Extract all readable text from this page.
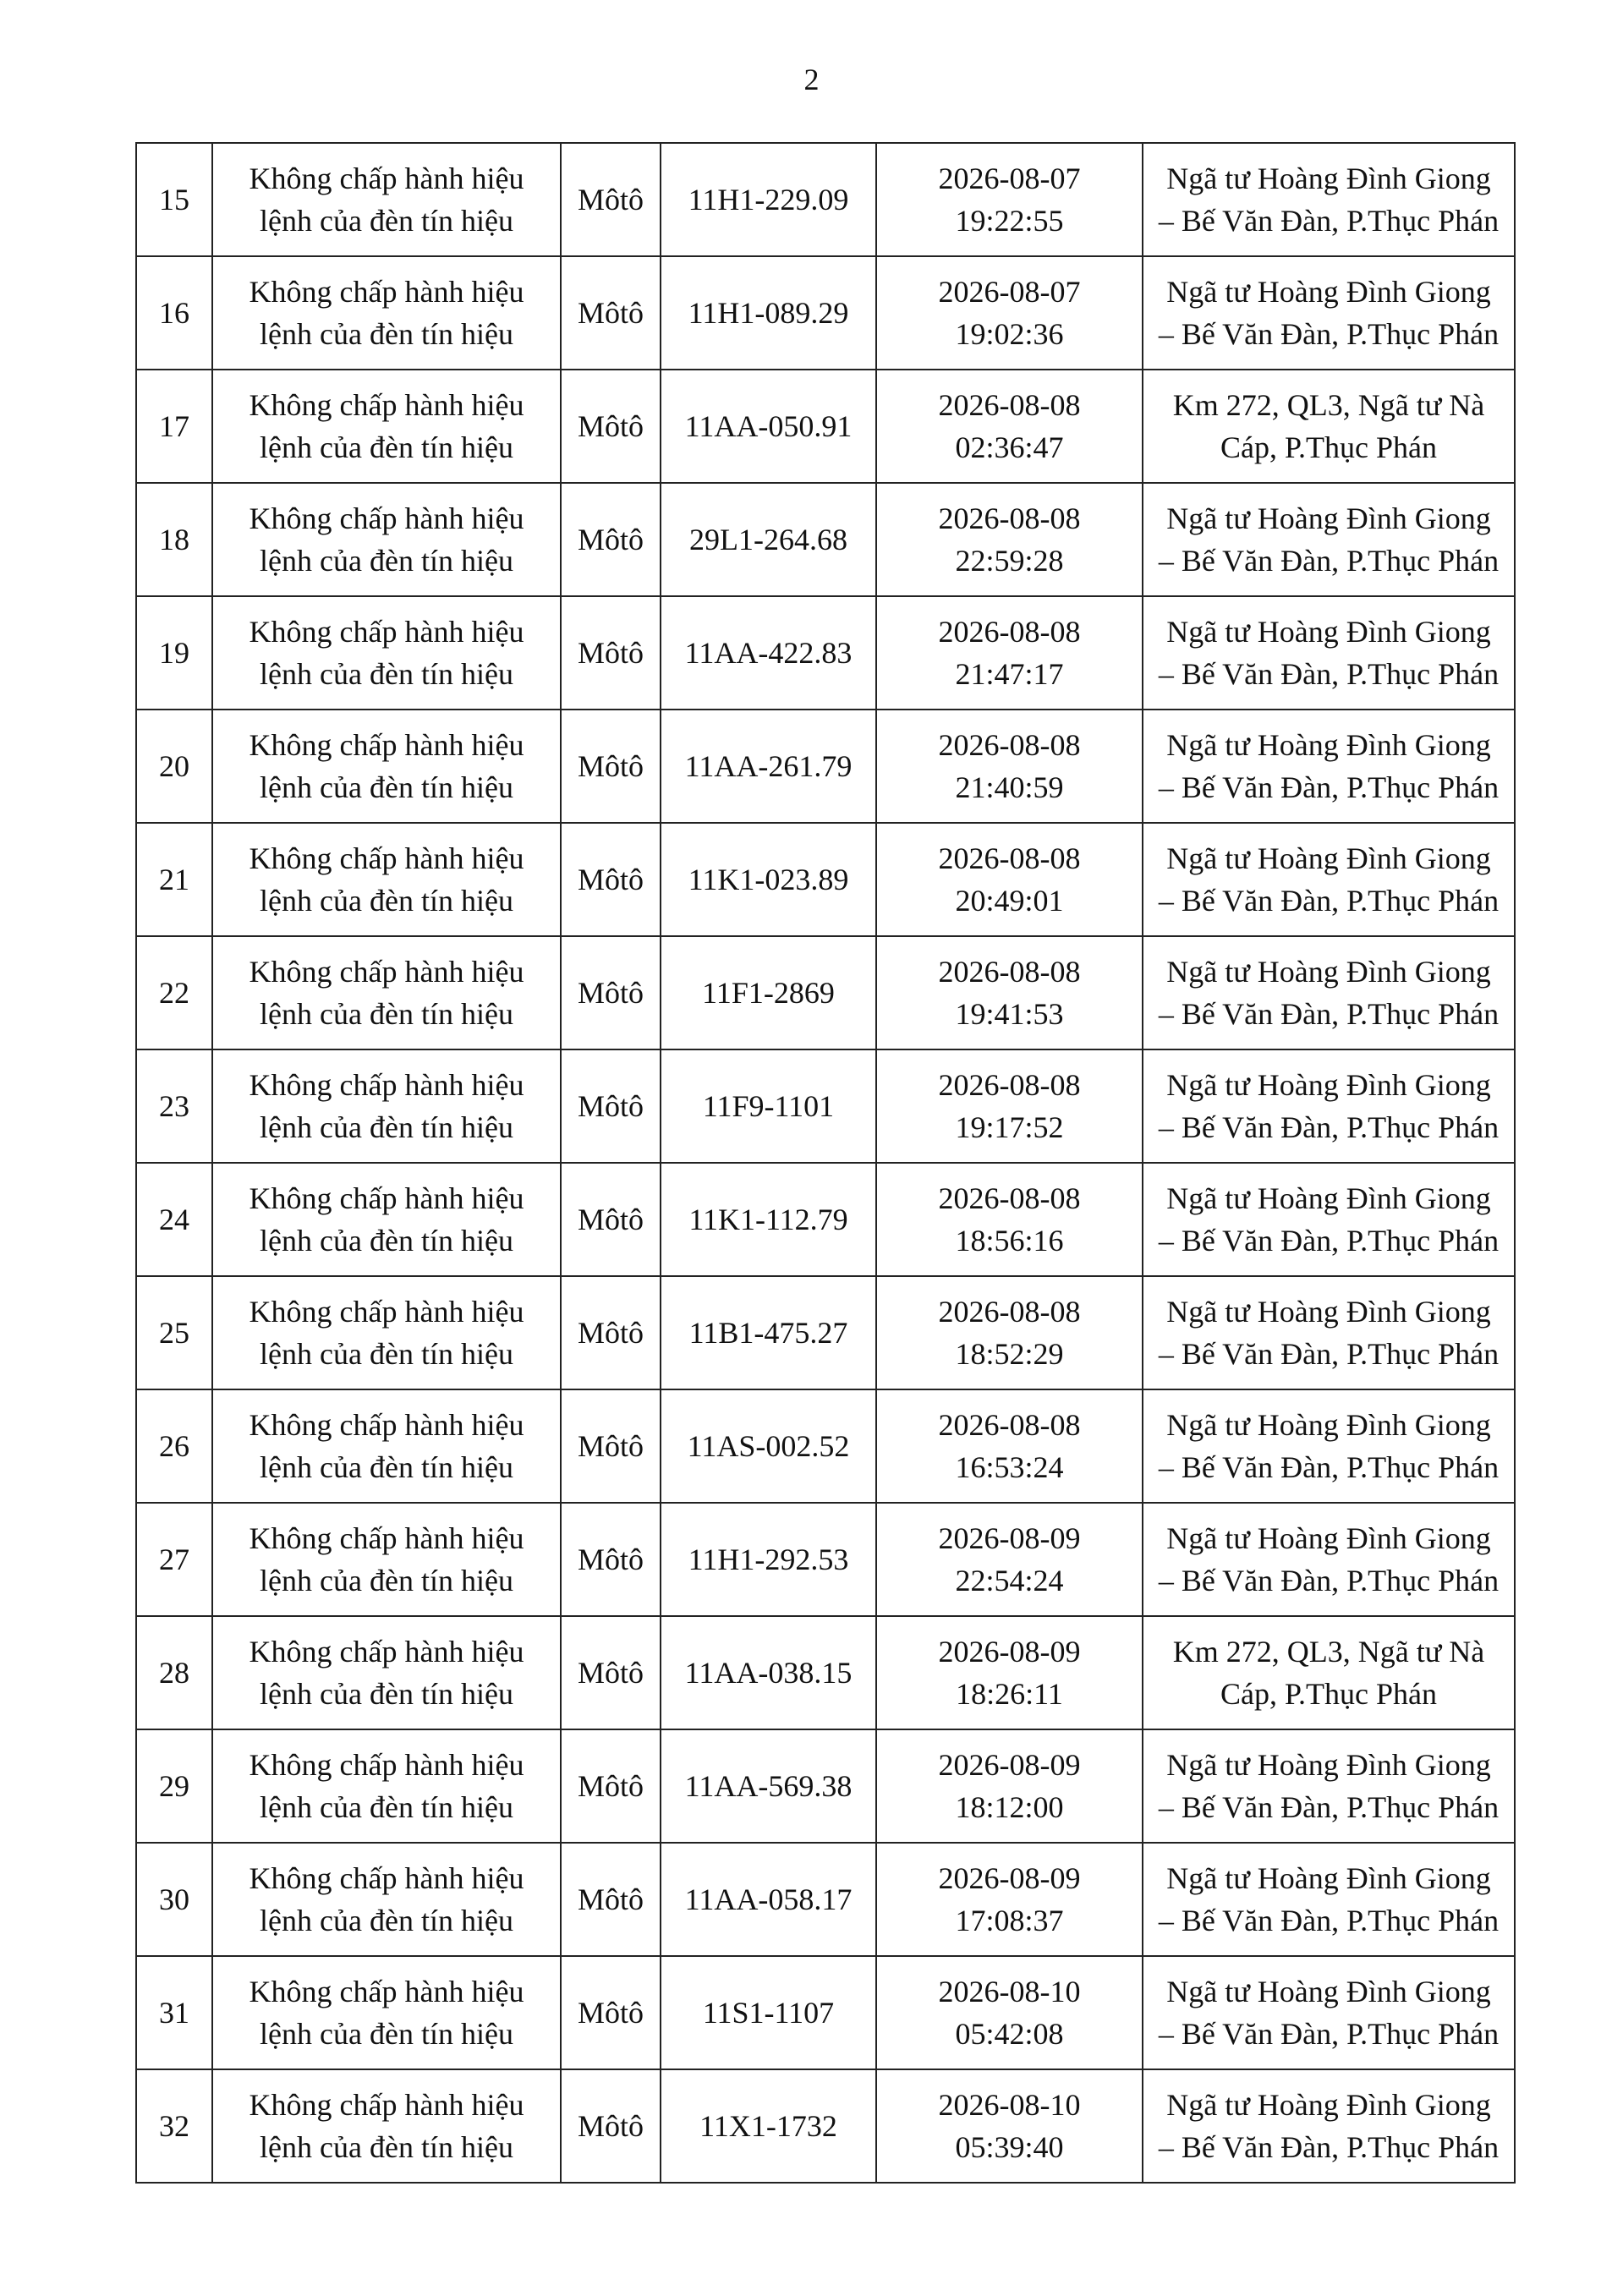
2
15	Không chấp hành hiệu
lệnh của đèn tín hiệu	Môtô	11H1-229.09	2026-08-07
19:22:55	Ngã tư Hoàng Đình Giong
– Bế Văn Đàn, P.Thục Phán

16	Không chấp hành hiệu
lệnh của đèn tín hiệu	Môtô	11H1-089.29	2026-08-07
19:02:36	Ngã tư Hoàng Đình Giong
– Bế Văn Đàn, P.Thục Phán

17	Không chấp hành hiệu
lệnh của đèn tín hiệu	Môtô	11AA-050.91	2026-08-08
02:36:47	Km 272, QL3, Ngã tư Nà
Cáp, P.Thục Phán

18	Không chấp hành hiệu
lệnh của đèn tín hiệu	Môtô	29L1-264.68	2026-08-08
22:59:28	Ngã tư Hoàng Đình Giong
– Bế Văn Đàn, P.Thục Phán

19	Không chấp hành hiệu
lệnh của đèn tín hiệu	Môtô	11AA-422.83	2026-08-08
21:47:17	Ngã tư Hoàng Đình Giong
– Bế Văn Đàn, P.Thục Phán

20	Không chấp hành hiệu
lệnh của đèn tín hiệu	Môtô	11AA-261.79	2026-08-08
21:40:59	Ngã tư Hoàng Đình Giong
– Bế Văn Đàn, P.Thục Phán

21	Không chấp hành hiệu
lệnh của đèn tín hiệu	Môtô	11K1-023.89	2026-08-08
20:49:01	Ngã tư Hoàng Đình Giong
– Bế Văn Đàn, P.Thục Phán

22	Không chấp hành hiệu
lệnh của đèn tín hiệu	Môtô	11F1-2869	2026-08-08
19:41:53	Ngã tư Hoàng Đình Giong
– Bế Văn Đàn, P.Thục Phán

23	Không chấp hành hiệu
lệnh của đèn tín hiệu	Môtô	11F9-1101	2026-08-08
19:17:52	Ngã tư Hoàng Đình Giong
– Bế Văn Đàn, P.Thục Phán

24	Không chấp hành hiệu
lệnh của đèn tín hiệu	Môtô	11K1-112.79	2026-08-08
18:56:16	Ngã tư Hoàng Đình Giong
– Bế Văn Đàn, P.Thục Phán

25	Không chấp hành hiệu
lệnh của đèn tín hiệu	Môtô	11B1-475.27	2026-08-08
18:52:29	Ngã tư Hoàng Đình Giong
– Bế Văn Đàn, P.Thục Phán

26	Không chấp hành hiệu
lệnh của đèn tín hiệu	Môtô	11AS-002.52	2026-08-08
16:53:24	Ngã tư Hoàng Đình Giong
– Bế Văn Đàn, P.Thục Phán

27	Không chấp hành hiệu
lệnh của đèn tín hiệu	Môtô	11H1-292.53	2026-08-09
22:54:24	Ngã tư Hoàng Đình Giong
– Bế Văn Đàn, P.Thục Phán

28	Không chấp hành hiệu
lệnh của đèn tín hiệu	Môtô	11AA-038.15	2026-08-09
18:26:11	Km 272, QL3, Ngã tư Nà
Cáp, P.Thục Phán

29	Không chấp hành hiệu
lệnh của đèn tín hiệu	Môtô	11AA-569.38	2026-08-09
18:12:00	Ngã tư Hoàng Đình Giong
– Bế Văn Đàn, P.Thục Phán

30	Không chấp hành hiệu
lệnh của đèn tín hiệu	Môtô	11AA-058.17	2026-08-09
17:08:37	Ngã tư Hoàng Đình Giong
– Bế Văn Đàn, P.Thục Phán

31	Không chấp hành hiệu
lệnh của đèn tín hiệu	Môtô	11S1-1107	2026-08-10
05:42:08	Ngã tư Hoàng Đình Giong
– Bế Văn Đàn, P.Thục Phán

32	Không chấp hành hiệu
lệnh của đèn tín hiệu	Môtô	11X1-1732	2026-08-10
05:39:40	Ngã tư Hoàng Đình Giong
– Bế Văn Đàn, P.Thục Phán
